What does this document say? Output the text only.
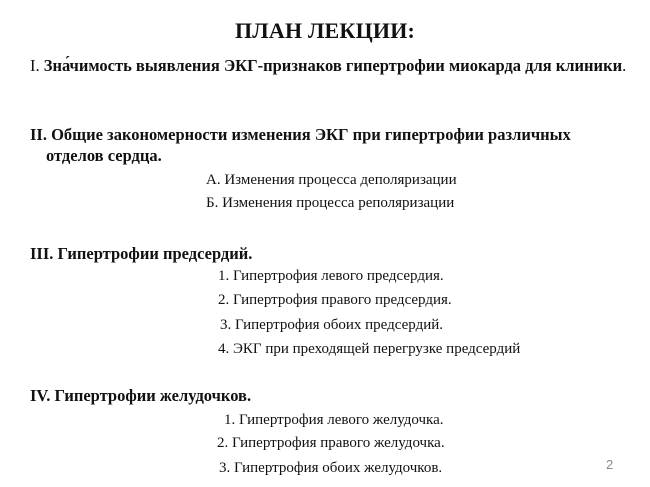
ПЛАН ЛЕКЦИИ:
I. Зна́чимость выявления ЭКГ-признаков гипертрофии миокарда для клиники.
II. Общие закономерности изменения ЭКГ при гипертрофии различных
отделов сердца.
А. Изменения процесса деполяризации
Б. Изменения процесса реполяризации
III. Гипертрофии предсердий.
1. Гипертрофия левого предсердия.
2. Гипертрофия правого предсердия.
3. Гипертрофия обоих предсердий.
4. ЭКГ при преходящей перегрузке предсердий
IV. Гипертрофии желудочков.
1. Гипертрофия левого желудочка.
2. Гипертрофия правого желудочка.
3. Гипертрофия обоих желудочков.	2
